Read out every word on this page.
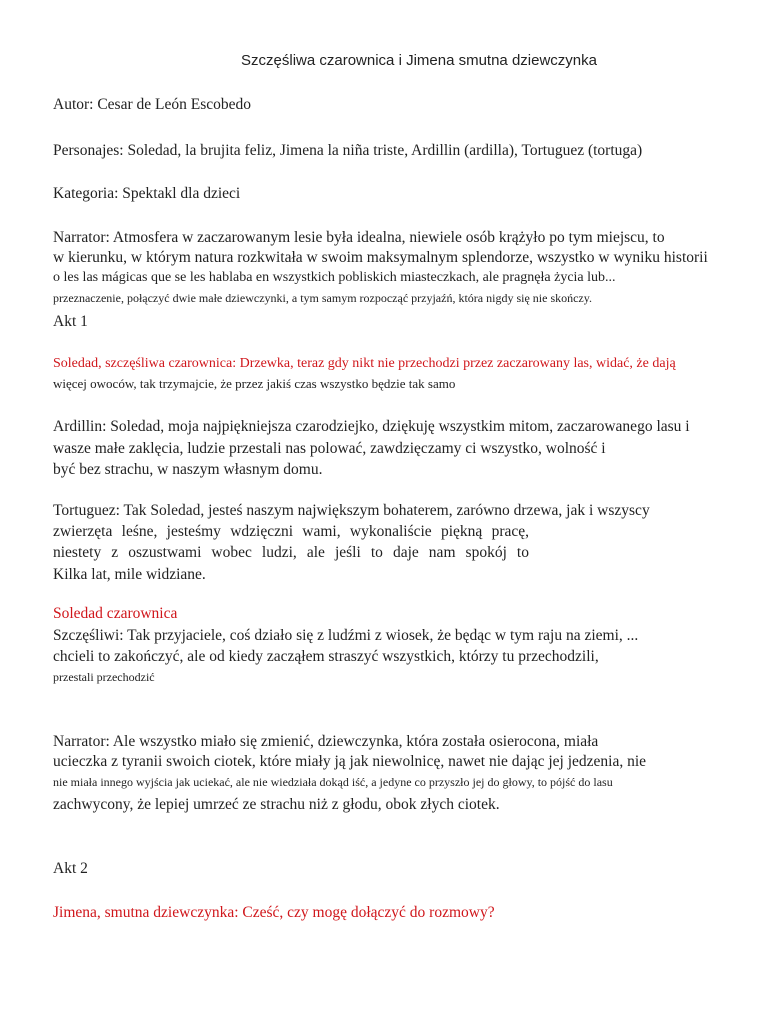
Szczęśliwa czarownica i Jimena smutna dziewczynka
Autor: Cesar de León Escobedo
Personajes: Soledad, la brujita feliz, Jimena la niña triste, Ardillin (ardilla), Tortuguez (tortuga)
Kategoria: Spektakl dla dzieci
Narrator: Atmosfera w zaczarowanym lesie była idealna, niewiele osób krążyło po tym miejscu, to
w kierunku, w którym natura rozkwitała w swoim maksymalnym splendorze, wszystko w wyniku historii
o les las mágicas que se les hablaba en wszystkich pobliskich miasteczkach, ale pragnęła życia lub...
przeznaczenie, połączyć dwie małe dziewczynki, a tym samym rozpocząć przyjaźń, która nigdy się nie skończy.
Akt 1
Soledad, szczęśliwa czarownica: Drzewka, teraz gdy nikt nie przechodzi przez zaczarowany las, widać, że dają
więcej owoców, tak trzymajcie, że przez jakiś czas wszystko będzie tak samo
Ardillin: Soledad, moja najpiękniejsza czarodziejko, dziękuję wszystkim mitom, zaczarowanego lasu i
wasze małe zaklęcia, ludzie przestali nas polować, zawdzięczamy ci wszystko, wolność i
być bez strachu, w naszym własnym domu.
Tortuguez: Tak Soledad, jesteś naszym największym bohaterem, zarówno drzewa, jak i wszyscy
zwierzęta leśne, jesteśmy wdzięczni wami, wykonaliście piękną pracę,
niestety z oszustwami wobec ludzi, ale jeśli to daje nam spokój to
Kilka lat, mile widziane.
Soledad czarownica
Szczęśliwi: Tak przyjaciele, coś działo się z ludźmi z wiosek, że będąc w tym raju na ziemi, ...
chcieli to zakończyć, ale od kiedy zacząłem straszyć wszystkich, którzy tu przechodzili,
przestali przechodzić
Narrator: Ale wszystko miało się zmienić, dziewczynka, która została osierocona, miała
ucieczka z tyranii swoich ciotek, które miały ją jak niewolnicę, nawet nie dając jej jedzenia, nie
nie miała innego wyjścia jak uciekać, ale nie wiedziała dokąd iść, a jedyne co przyszło jej do głowy, to pójść do lasu
zachwycony, że lepiej umrzeć ze strachu niż z głodu, obok złych ciotek.
Akt 2
Jimena, smutna dziewczynka: Cześć, czy mogę dołączyć do rozmowy?
